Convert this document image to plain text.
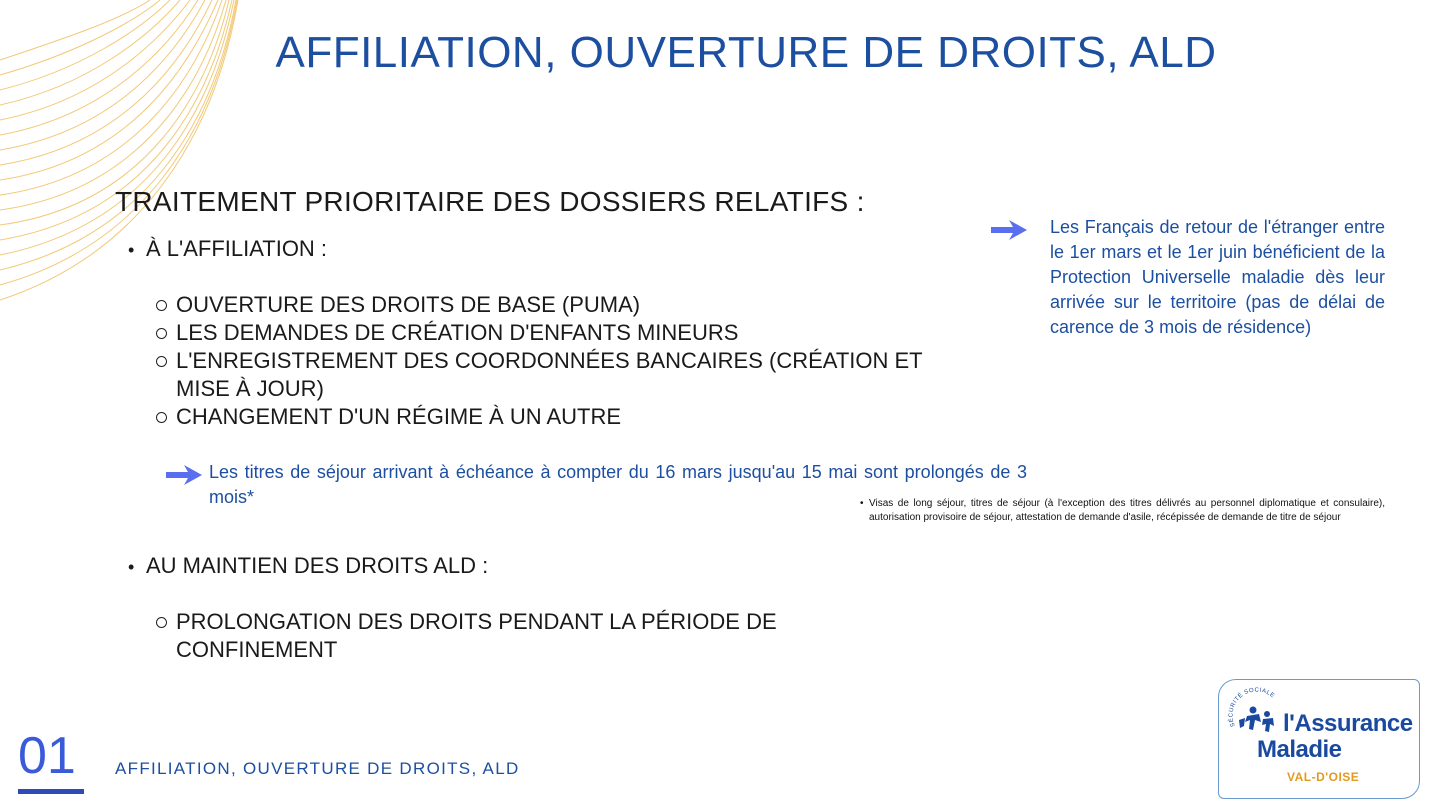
AFFILIATION, OUVERTURE DE DROITS, ALD
TRAITEMENT PRIORITAIRE DES DOSSIERS RELATIFS :
• À L'AFFILIATION :
OUVERTURE DES DROITS DE BASE (PUMA)
LES DEMANDES DE CRÉATION D'ENFANTS MINEURS
L'ENREGISTREMENT DES COORDONNÉES BANCAIRES (CRÉATION ET MISE À JOUR)
CHANGEMENT D'UN RÉGIME À UN AUTRE
Les titres de séjour arrivant à échéance à compter du 16 mars jusqu'au 15 mai sont prolongés de 3 mois*
• AU MAINTIEN DES DROITS ALD :
PROLONGATION DES DROITS PENDANT LA PÉRIODE DE CONFINEMENT
Les Français de retour de l'étranger entre le 1er mars et le 1er juin bénéficient de la Protection Universelle maladie dès leur arrivée sur le territoire (pas de délai de carence de 3 mois de résidence)
• Visas de long séjour, titres de séjour (à l'exception des titres délivrés au personnel diplomatique et consulaire), autorisation provisoire de séjour, attestation de demande d'asile, récépissée de demande de titre de séjour
01 AFFILIATION, OUVERTURE DE DROITS, ALD
SÉCURITÉ SOCIALE
l'Assurance
Maladie
VAL-D'OISE
